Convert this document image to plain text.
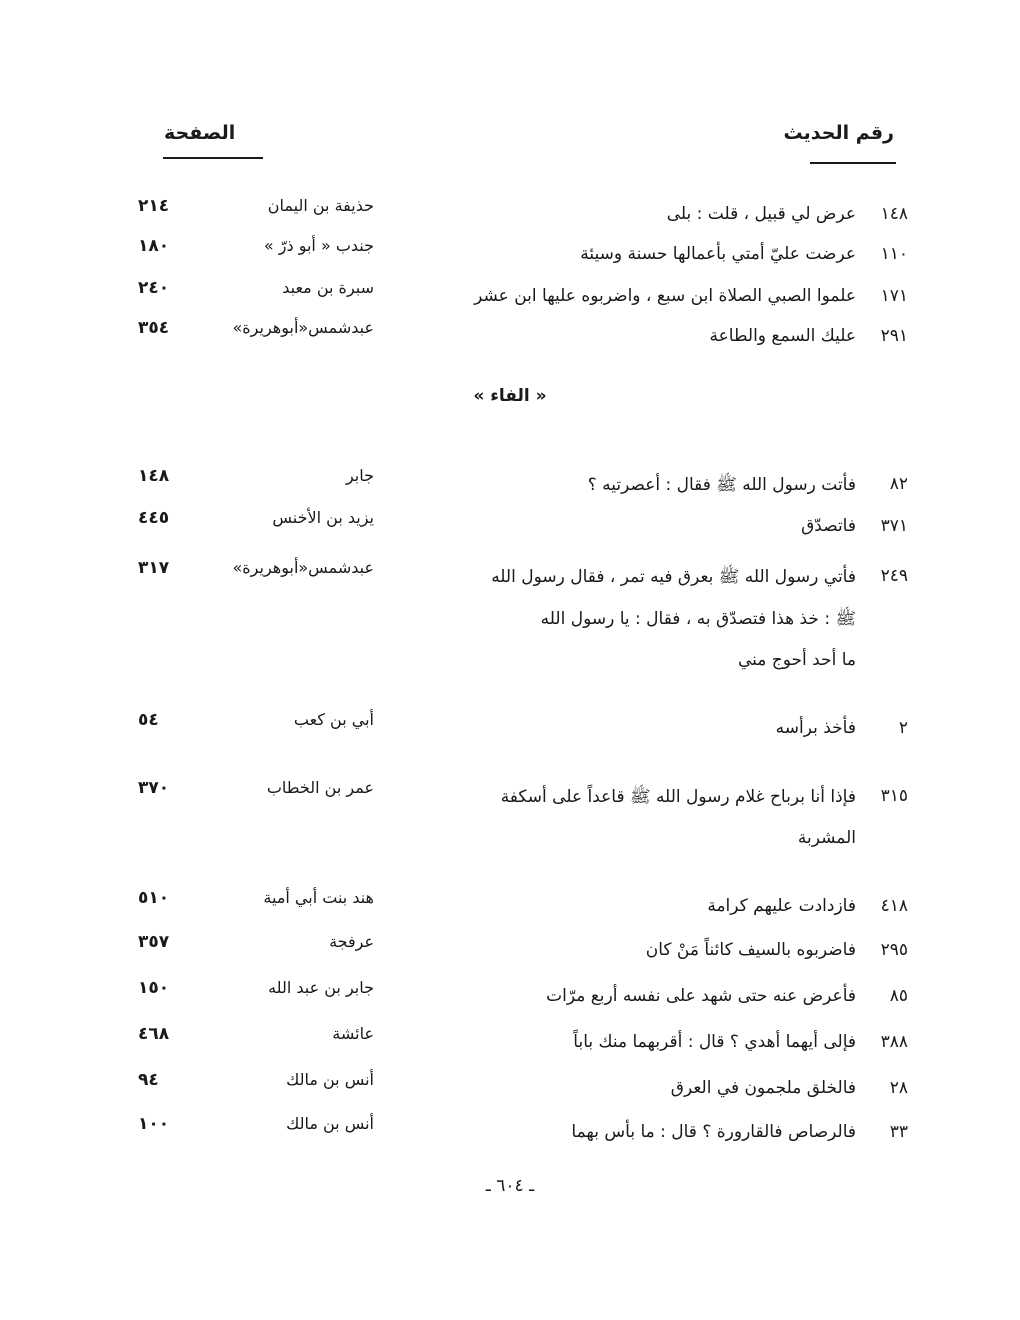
رقم الحديث
الصفحة
١٤٨
عرض لي قبيل ، قلت : بلى
حذيفة بن اليمان
٢١٤
١١٠
عرضت عليّ أمتي بأعمالها حسنة وسيئة
جندب « أبو ذرّ »
١٨٠
١٧١
علموا الصبي الصلاة ابن سبع ، واضربوه عليها ابن عشر
سبرة بن معبد
٢٤٠
٢٩١
عليك السمع والطاعة
عبدشمس«أبوهريرة»
٣٥٤
« الفاء »
٨٢
فأتت رسول الله ﷺ فقال : أعصرتيه ؟
جابر
١٤٨
٣٧١
فاتصدّق
يزيد بن الأخنس
٤٤٥
٢٤٩
فأتي رسول الله ﷺ بعرق فيه تمر ، فقال رسول الله
ﷺ : خذ هذا فتصدّق به ، فقال : يا رسول الله
ما أحد أحوج مني
عبدشمس«أبوهريرة»
٣١٧
٢
فأخذ برأسه
أبي بن كعب
٥٤
٣١٥
فإذا أنا برباح غلام رسول الله ﷺ قاعداً على أسكفة
المشربة
عمر بن الخطاب
٣٧٠
٤١٨
فازدادت عليهم كرامة
هند بنت أبي أمية
٥١٠
٢٩٥
فاضربوه بالسيف كائناً مَنْ كان
عرفجة
٣٥٧
٨٥
فأعرض عنه حتى شهد على نفسه أربع مرّات
جابر بن عبد الله
١٥٠
٣٨٨
فإلى أيهما أهدي ؟ قال : أقربهما منك باباً
عائشة
٤٦٨
٢٨
فالخلق ملجمون في العرق
أنس بن مالك
٩٤
٣٣
فالرصاص فالقارورة ؟ قال : ما بأس بهما
أنس بن مالك
١٠٠
ـ ٦٠٤ ـ
